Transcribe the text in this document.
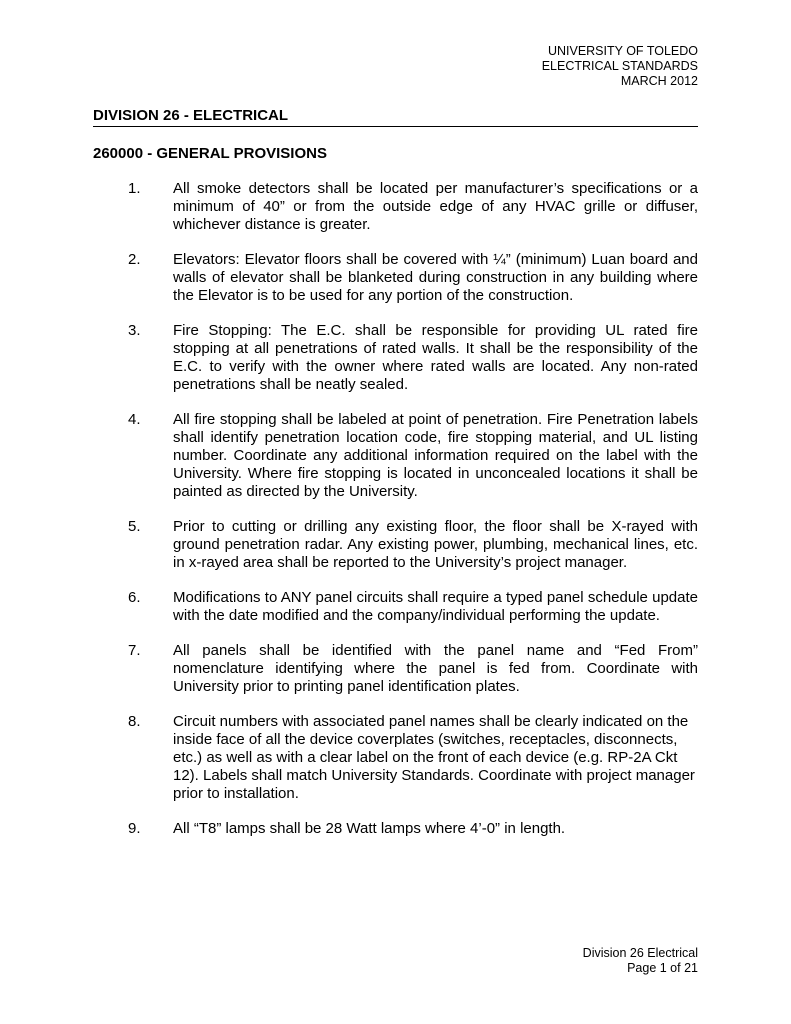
UNIVERSITY OF TOLEDO
ELECTRICAL STANDARDS
MARCH 2012
DIVISION 26 - ELECTRICAL
260000 - GENERAL PROVISIONS
1.	All smoke detectors shall be located per manufacturer’s specifications or a minimum of 40” or from the outside edge of any HVAC grille or diffuser, whichever distance is greater.
2.	Elevators: Elevator floors shall be covered with ¼” (minimum) Luan board and walls of elevator shall be blanketed during construction in any building where the Elevator is to be used for any portion of the construction.
3.	Fire Stopping: The E.C. shall be responsible for providing UL rated fire stopping at all penetrations of rated walls. It shall be the responsibility of the E.C. to verify with the owner where rated walls are located. Any non-rated penetrations shall be neatly sealed.
4.	All fire stopping shall be labeled at point of penetration. Fire Penetration labels shall identify penetration location code, fire stopping material, and UL listing number. Coordinate any additional information required on the label with the University. Where fire stopping is located in unconcealed locations it shall be painted as directed by the University.
5.	Prior to cutting or drilling any existing floor, the floor shall be X-rayed with ground penetration radar. Any existing power, plumbing, mechanical lines, etc. in x-rayed area shall be reported to the University’s project manager.
6.	Modifications to ANY panel circuits shall require a typed panel schedule update with the date modified and the company/individual performing the update.
7.	All panels shall be identified with the panel name and “Fed From” nomenclature identifying where the panel is fed from. Coordinate with University prior to printing panel identification plates.
8.	Circuit numbers with associated panel names shall be clearly indicated on the inside face of all the device coverplates (switches, receptacles, disconnects, etc.) as well as with a clear label on the front of each device (e.g. RP-2A Ckt 12). Labels shall match University Standards. Coordinate with project manager prior to installation.
9.	All “T8” lamps shall be 28 Watt lamps where 4’-0” in length.
Division 26 Electrical
Page 1 of 21
